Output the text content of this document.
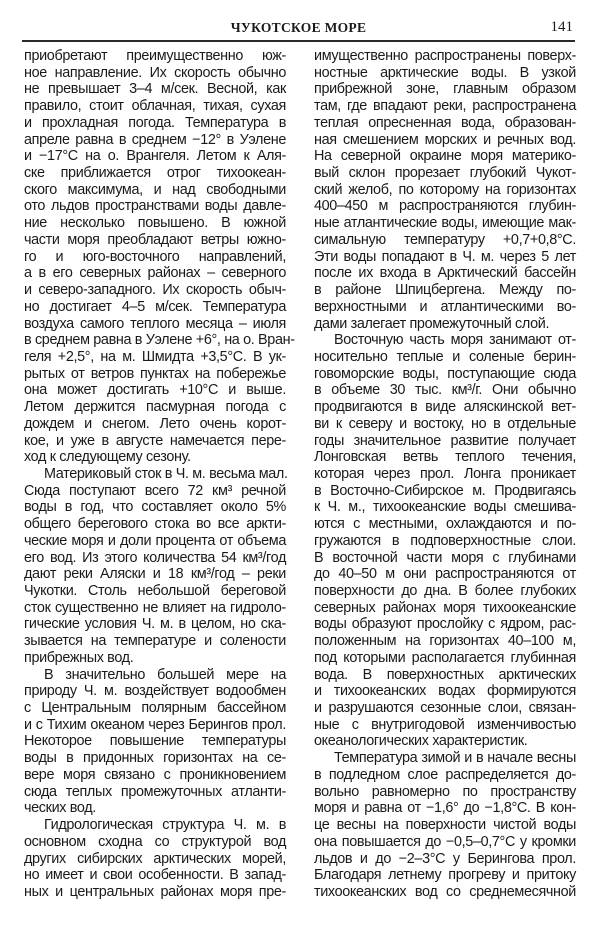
ЧУКОТСКОЕ МОРЕ	141
приобретают преимущественно юж-
ное направление. Их скорость обычно
не превышает 3–4 м/сек. Весной, как
правило, стоит облачная, тихая, сухая
и прохладная погода. Температура в
апреле равна в среднем −12° в Уэлене
и −17°С на о. Врангеля. Летом к Аля-
ске приближается отрог тихоокеан-
ского максимума, и над свободными
ото льдов пространствами воды давле-
ние несколько повышено. В южной
части моря преобладают ветры южно-
го и юго-восточного направлений,
а в его северных районах – северного
и северо-западного. Их скорость обыч-
но достигает 4–5 м/сек. Температура
воздуха самого теплого месяца – июля
в среднем равна в Уэлене +6°, на о. Вран-
геля +2,5°, на м. Шмидта +3,5°С. В ук-
рытых от ветров пунктах на побережье
она может достигать +10°С и выше.
Летом держится пасмурная погода с
дождем и снегом. Лето очень корот-
кое, и уже в августе намечается пере-
ход к следующему сезону.
Материковый сток в Ч. м. весьма мал.
Сюда поступают всего 72 км³ речной
воды в год, что составляет около 5%
общего берегового стока во все аркти-
ческие моря и доли процента от объема
его вод. Из этого количества 54 км³/год
дают реки Аляски и 18 км³/год – реки
Чукотки. Столь небольшой береговой
сток существенно не влияет на гидроло-
гические условия Ч. м. в целом, но ска-
зывается на температуре и солености
прибрежных вод.
В значительно большей мере на
природу Ч. м. воздействует водообмен
с Центральным полярным бассейном
и с Тихим океаном через Берингов прол.
Некоторое повышение температуры
воды в придонных горизонтах на се-
вере моря связано с проникновением
сюда теплых промежуточных атланти-
ческих вод.
Гидрологическая структура Ч. м. в
основном сходна со структурой вод
других сибирских арктических морей,
но имеет и свои особенности. В запад-
ных и центральных районах моря пре-
имущественно распространены поверх-
ностные арктические воды. В узкой
прибрежной зоне, главным образом
там, где впадают реки, распространена
теплая опресненная вода, образован-
ная смешением морских и речных вод.
На северной окраине моря материко-
вый склон прорезает глубокий Чукот-
ский желоб, по которому на горизонтах
400–450 м распространяются глубин-
ные атлантические воды, имеющие мак-
симальную температуру +0,7+0,8°С.
Эти воды попадают в Ч. м. через 5 лет
после их входа в Арктический бассейн
в районе Шпицбергена. Между по-
верхностными и атлантическими во-
дами залегает промежуточный слой.
Восточную часть моря занимают от-
носительно теплые и соленые берин-
говоморские воды, поступающие сюда
в объеме 30 тыс. км³/г. Они обычно
продвигаются в виде аляскинской вет-
ви к северу и востоку, но в отдельные
годы значительное развитие получает
Лонговская ветвь теплого течения,
которая через прол. Лонга проникает
в Восточно-Сибирское м. Продвигаясь
к Ч. м., тихоокеанские воды смешива-
ются с местными, охлаждаются и по-
гружаются в подповерхностные слои.
В восточной части моря с глубинами
до 40–50 м они распространяются от
поверхности до дна. В более глубоких
северных районах моря тихоокеанские
воды образуют прослойку с ядром, рас-
положенным на горизонтах 40–100 м,
под которыми располагается глубинная
вода. В поверхностных арктических
и тихоокеанских водах формируются
и разрушаются сезонные слои, связан-
ные с внутригодовой изменчивостью
океанологических характеристик.
Температура зимой и в начале весны
в подледном слое распределяется до-
вольно равномерно по пространству
моря и равна от −1,6° до −1,8°С. В кон-
це весны на поверхности чистой воды
она повышается до −0,5–0,7°С у кромки
льдов и до −2–3°С у Берингова прол.
Благодаря летнему прогреву и притоку
тихоокеанских вод со среднемесячной
